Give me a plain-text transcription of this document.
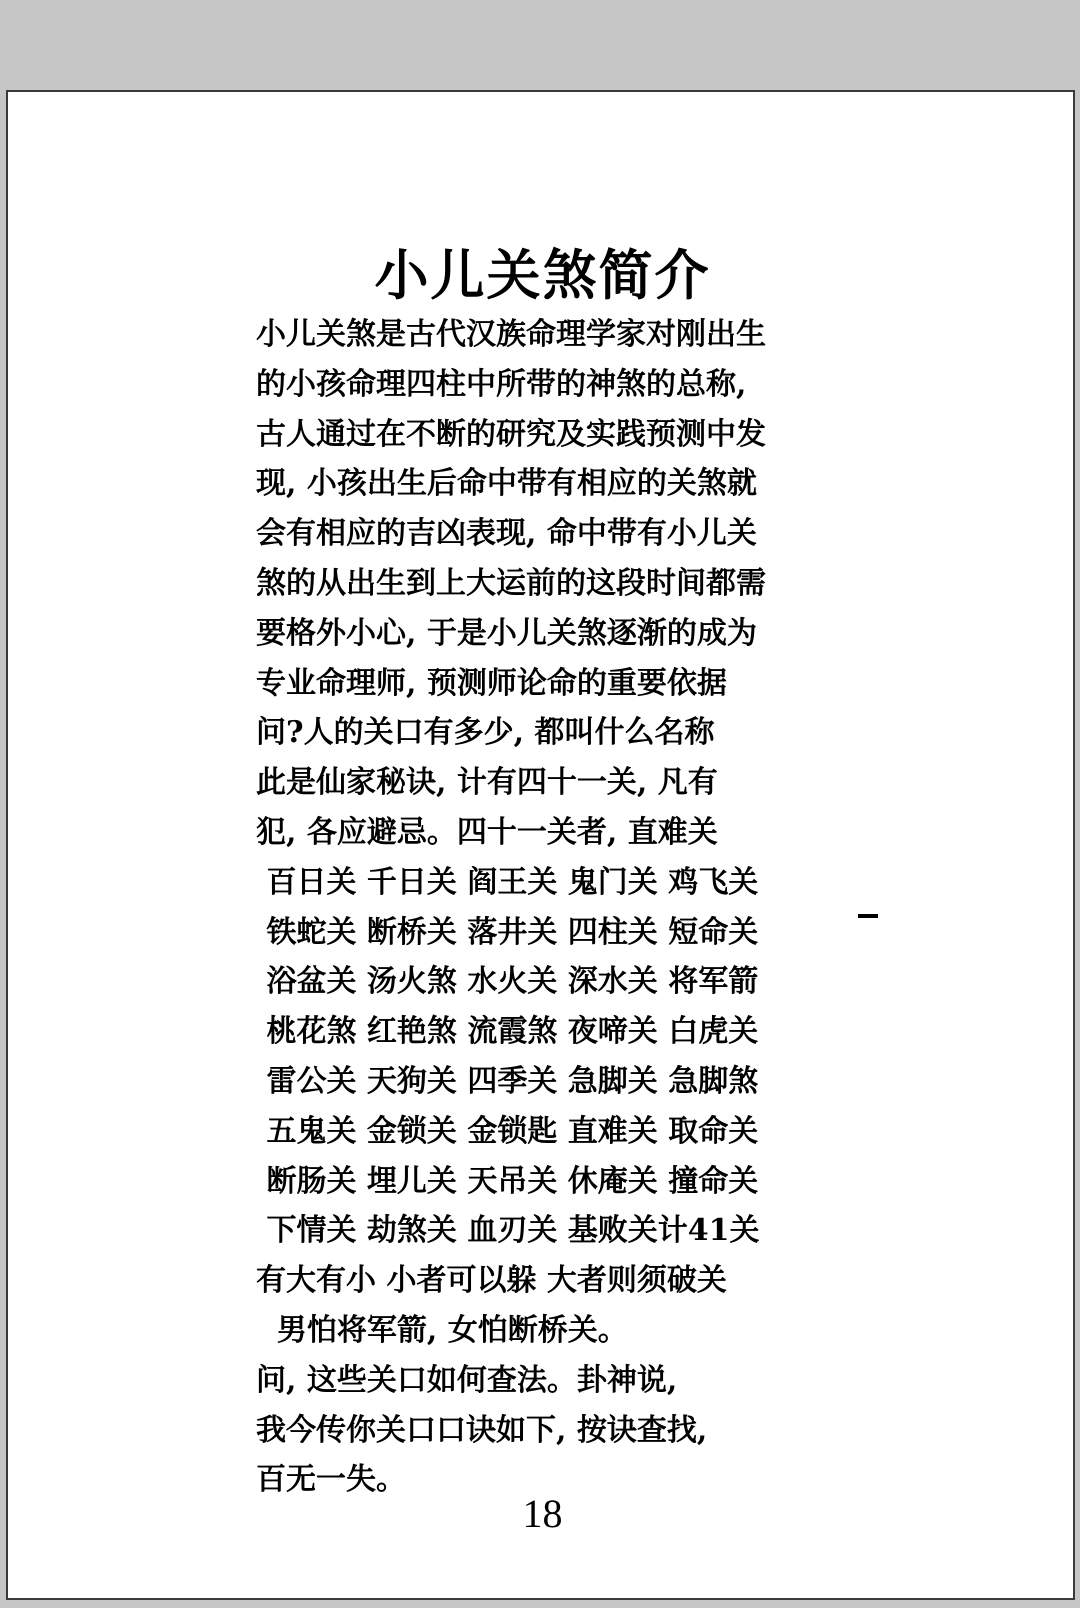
小儿关煞简介
小儿关煞是古代汉族命理学家对刚出生
的小孩命理四柱中所带的神煞的总称,
古人通过在不断的研究及实践预测中发
现, 小孩出生后命中带有相应的关煞就
会有相应的吉凶表现, 命中带有小儿关
煞的从出生到上大运前的这段时间都需
要格外小心, 于是小儿关煞逐渐的成为
专业命理师, 预测师论命的重要依据
问?人的关口有多少, 都叫什么名称
此是仙家秘诀, 计有四十一关, 凡有
犯, 各应避忌。四十一关者, 直难关
百日关 千日关 阎王关 鬼门关 鸡飞关
铁蛇关 断桥关 落井关 四柱关 短命关
浴盆关 汤火煞 水火关 深水关 将军箭
桃花煞 红艳煞 流霞煞 夜啼关 白虎关
雷公关 天狗关 四季关 急脚关 急脚煞
五鬼关 金锁关 金锁匙 直难关 取命关
断肠关 埋儿关 天吊关 休庵关 撞命关
下情关 劫煞关 血刃关 基败关计41关
有大有小 小者可以躲 大者则须破关
男怕将军箭, 女怕断桥关。
问, 这些关口如何查法。卦神说,
我今传你关口口诀如下, 按诀查找,
百无一失。
18
